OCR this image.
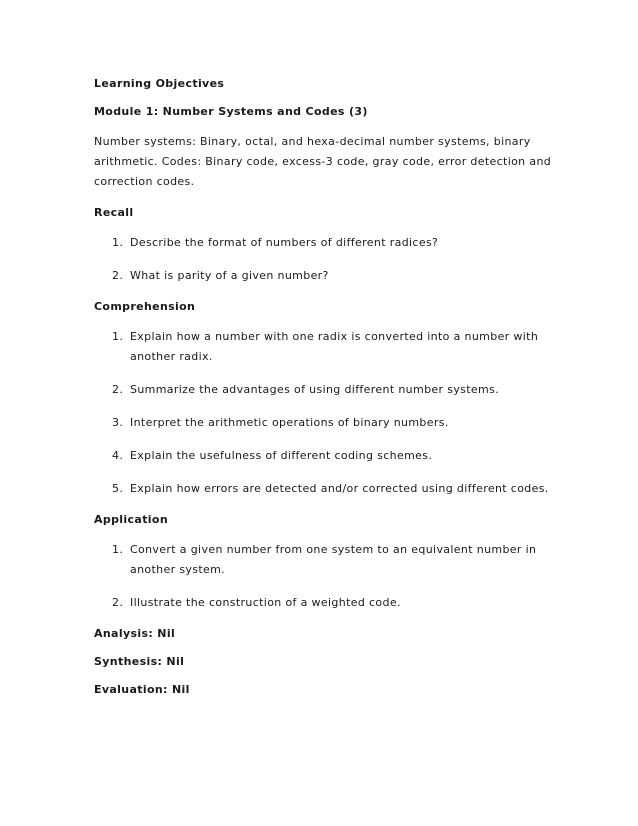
Learning Objectives
Module 1: Number Systems and Codes (3)
Number systems: Binary, octal, and hexa-decimal number systems, binary arithmetic. Codes: Binary code, excess-3 code, gray code, error detection and correction codes.
Recall
1. Describe the format of numbers of different radices?
2. What is parity of a given number?
Comprehension
1. Explain how a number with one radix is converted into a number with another radix.
2. Summarize the advantages of using different number systems.
3. Interpret the arithmetic operations of binary numbers.
4. Explain the usefulness of different coding schemes.
5. Explain how errors are detected and/or corrected using different codes.
Application
1. Convert a given number from one system to an equivalent number in another system.
2. Illustrate the construction of a weighted code.
Analysis: Nil
Synthesis: Nil
Evaluation: Nil
